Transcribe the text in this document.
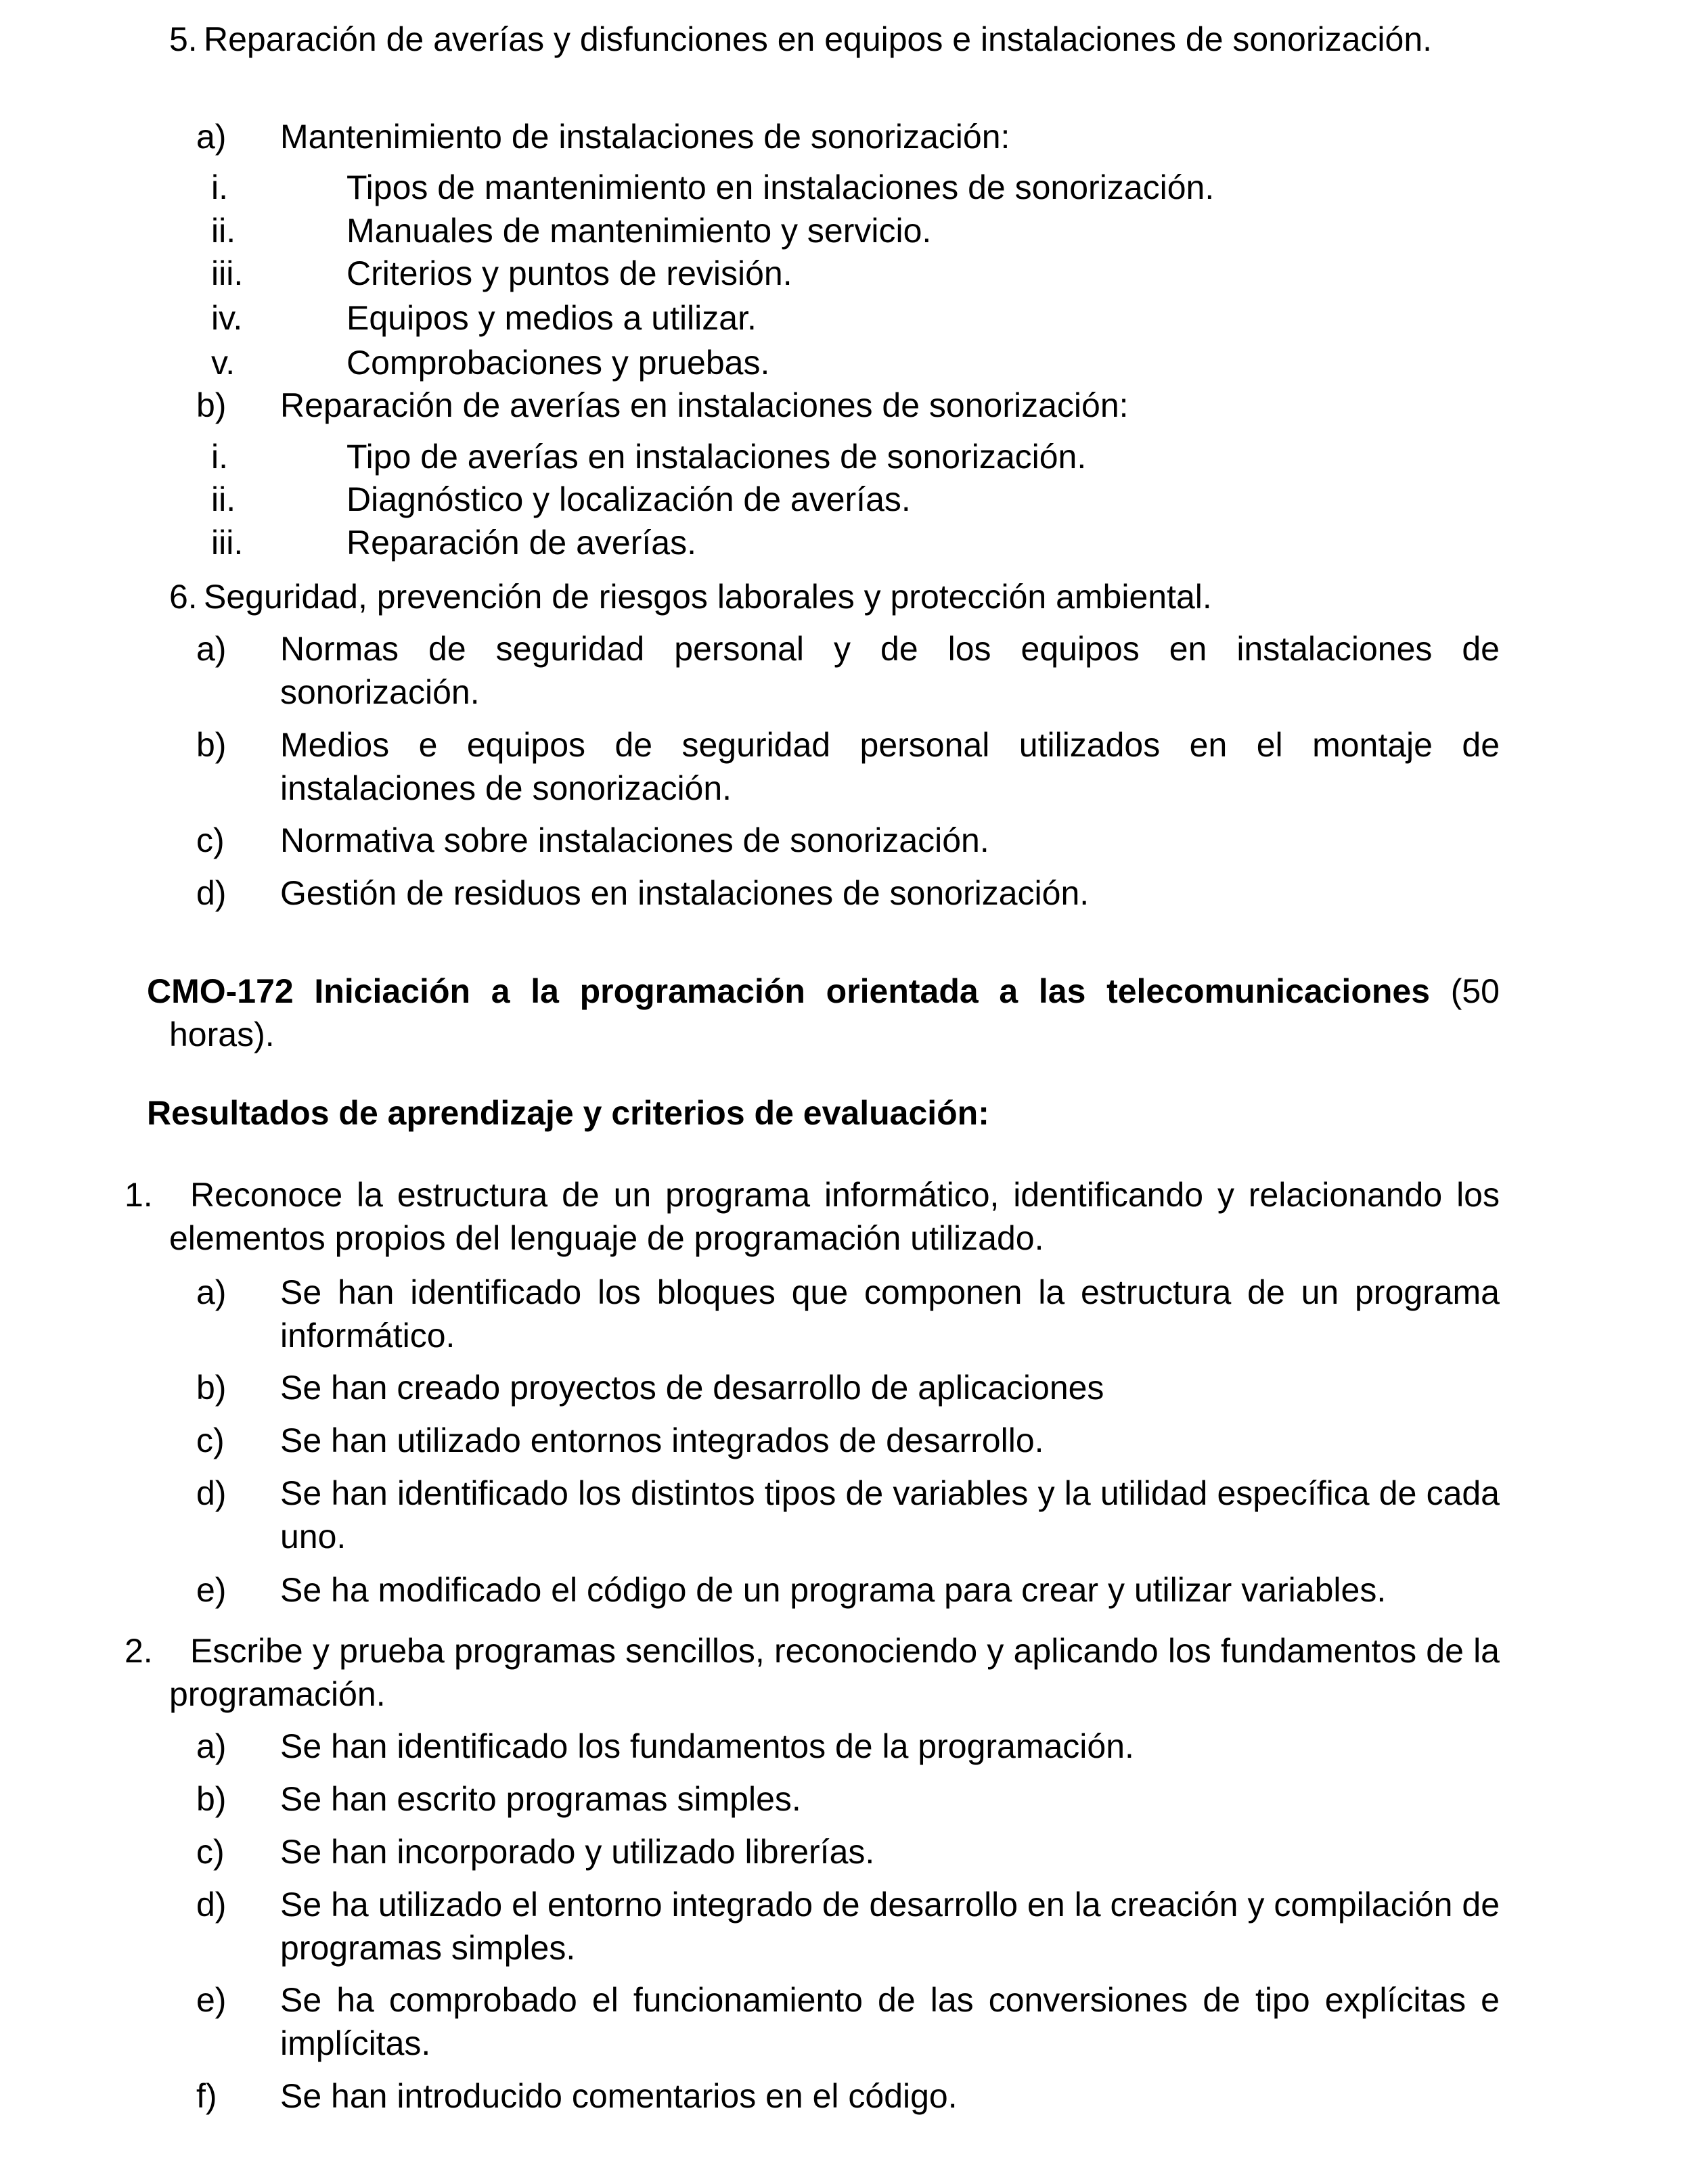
5. Reparación de averías y disfunciones en equipos e instalaciones de sonorización.
a) Mantenimiento de instalaciones de sonorización:
i.	Tipos de mantenimiento en instalaciones de sonorización.
ii.	Manuales de mantenimiento y servicio.
iii.	Criterios y puntos de revisión.
iv.	Equipos y medios a utilizar.
v.	Comprobaciones y pruebas.
b) Reparación de averías en instalaciones de sonorización:
i.	Tipo de averías en instalaciones de sonorización.
ii.	Diagnóstico y localización de averías.
iii.	Reparación de averías.
6. Seguridad, prevención de riesgos laborales y protección ambiental.
a) Normas de seguridad personal y de los equipos en instalaciones de sonorización.
b) Medios e equipos de seguridad personal utilizados en el montaje de instalaciones de sonorización.
c) Normativa sobre instalaciones de sonorización.
d) Gestión de residuos en instalaciones de sonorización.
CMO-172 Iniciación a la programación orientada a las telecomunicaciones (50 horas).
Resultados de aprendizaje y criterios de evaluación:
1. Reconoce la estructura de un programa informático, identificando y relacionando los elementos propios del lenguaje de programación utilizado.
a) Se han identificado los bloques que componen la estructura de un programa informático.
b) Se han creado proyectos de desarrollo de aplicaciones
c) Se han utilizado entornos integrados de desarrollo.
d) Se han identificado los distintos tipos de variables y la utilidad específica de cada uno.
e) Se ha modificado el código de un programa para crear y utilizar variables.
2. Escribe y prueba programas sencillos, reconociendo y aplicando los fundamentos de la programación.
a) Se han identificado los fundamentos de la programación.
b) Se han escrito programas simples.
c) Se han incorporado y utilizado librerías.
d) Se ha utilizado el entorno integrado de desarrollo en la creación y compilación de programas simples.
e) Se ha comprobado el funcionamiento de las conversiones de tipo explícitas e implícitas.
f) Se han introducido comentarios en el código.
